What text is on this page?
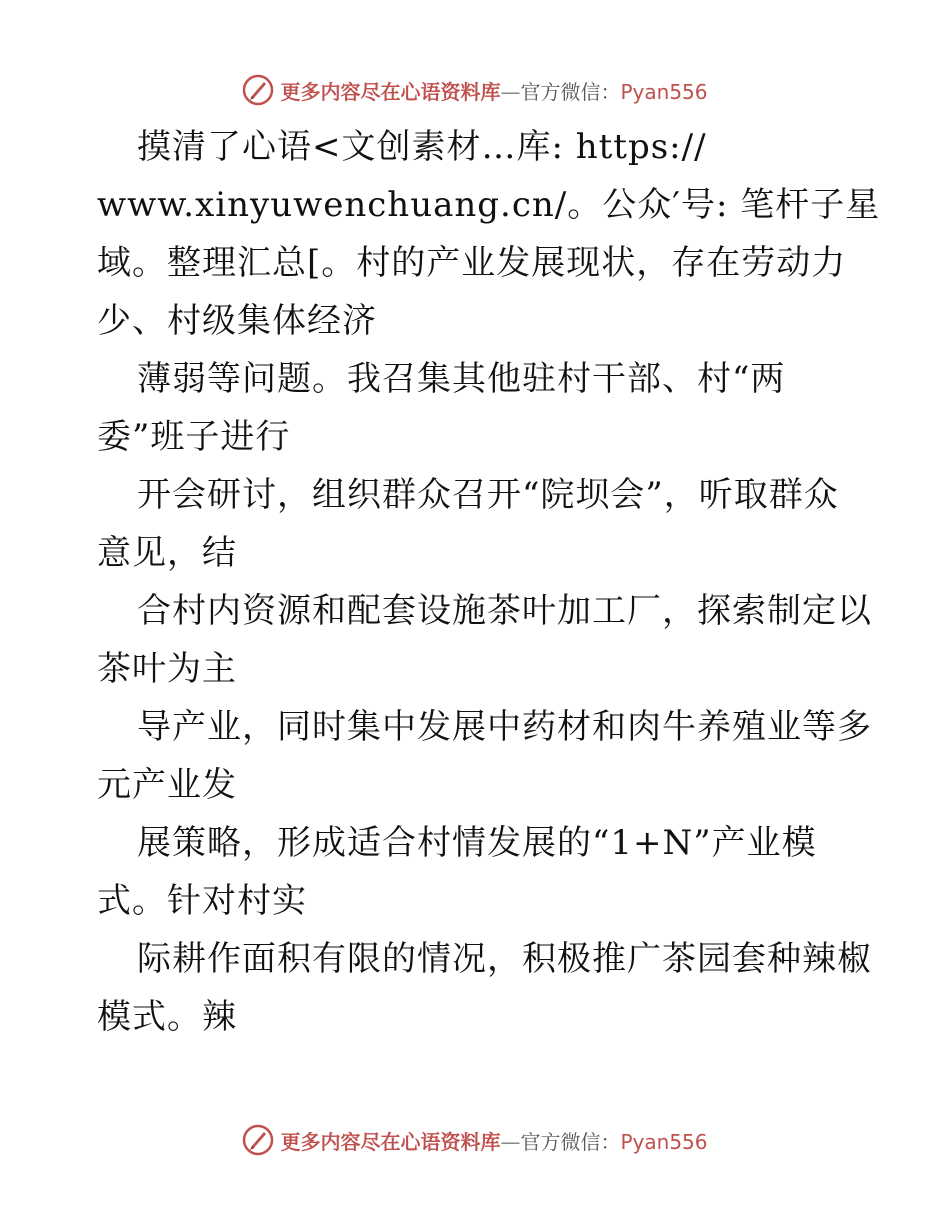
更多内容尽在心语资料库—官方微信：Pyan556
摸清了心语<文创素材…库: https://
www.xinyuwenchuang.cn/。公众′号: 笔杆子星
域。整理汇总[。村的产业发展现状，存在劳动力
少、村级集体经济
薄弱等问题。我召集其他驻村干部、村“两
委”班子进行
开会研讨，组织群众召开“院坝会”，听取群众
意见，结
合村内资源和配套设施茶叶加工厂，探索制定以
茶叶为主
导产业，同时集中发展中药材和肉牛养殖业等多
元产业发
展策略，形成适合村情发展的“1+N”产业模
式。针对村实
际耕作面积有限的情况，积极推广茶园套种辣椒
模式。辣
更多内容尽在心语资料库—官方微信：Pyan556
